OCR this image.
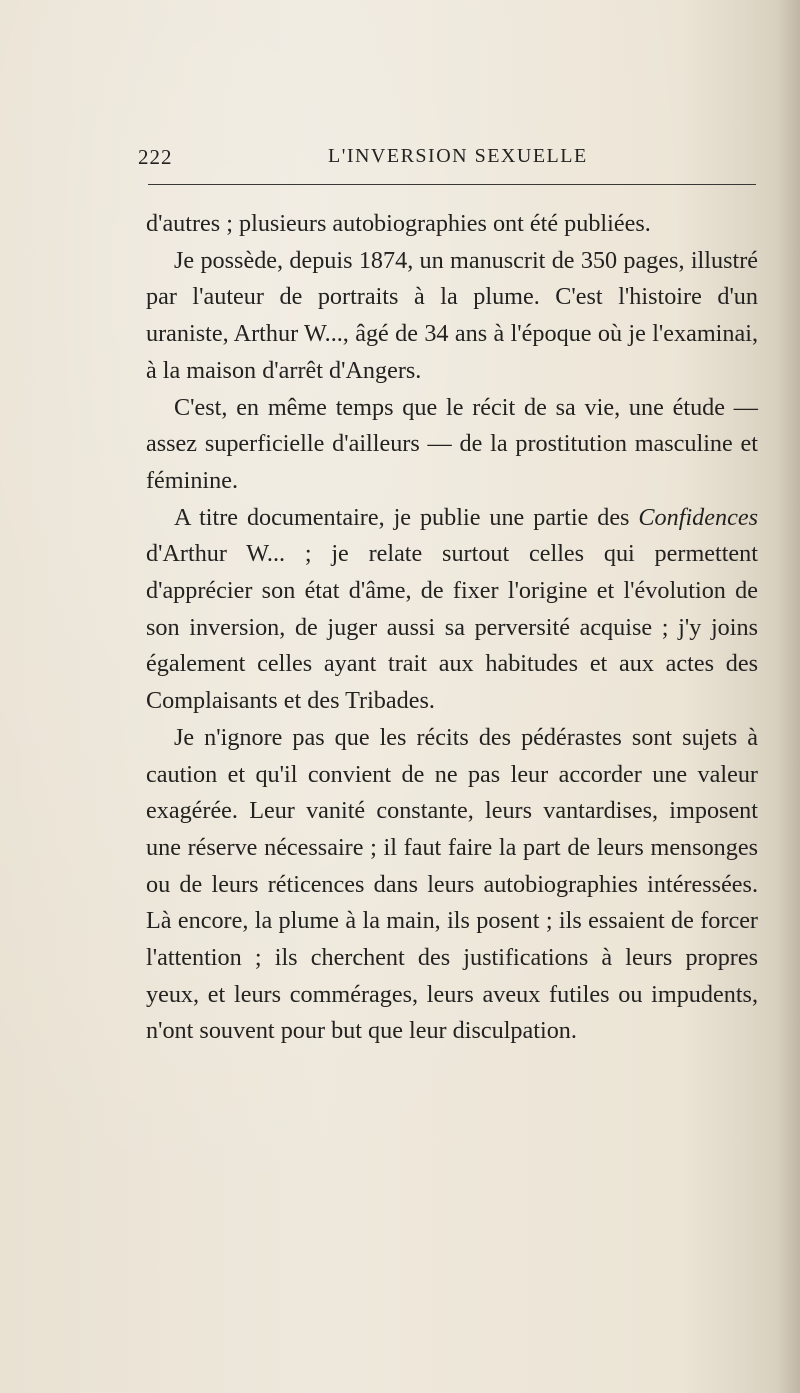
222	L'INVERSION SEXUELLE

d'autres ; plusieurs autobiographies ont été publiées.

Je possède, depuis 1874, un manuscrit de 350 pages, illustré par l'auteur de portraits à la plume. C'est l'histoire d'un uraniste, Arthur W..., âgé de 34 ans à l'époque où je l'examinai, à la maison d'arrêt d'Angers.

C'est, en même temps que le récit de sa vie, une étude — assez superficielle d'ailleurs — de la prostitution masculine et féminine.

A titre documentaire, je publie une partie des Confidences d'Arthur W... ; je relate surtout celles qui permettent d'apprécier son état d'âme, de fixer l'origine et l'évolution de son inversion, de juger aussi sa perversité acquise ; j'y joins également celles ayant trait aux habitudes et aux actes des Complaisants et des Tribades.

Je n'ignore pas que les récits des pédérastes sont sujets à caution et qu'il convient de ne pas leur accorder une valeur exagérée. Leur vanité constante, leurs vantardises, imposent une réserve nécessaire ; il faut faire la part de leurs mensonges ou de leurs réticences dans leurs autobiographies intéressées. Là encore, la plume à la main, ils posent ; ils essaient de forcer l'attention ; ils cherchent des justifications à leurs propres yeux, et leurs commérages, leurs aveux futiles ou impudents, n'ont souvent pour but que leur disculpation.
